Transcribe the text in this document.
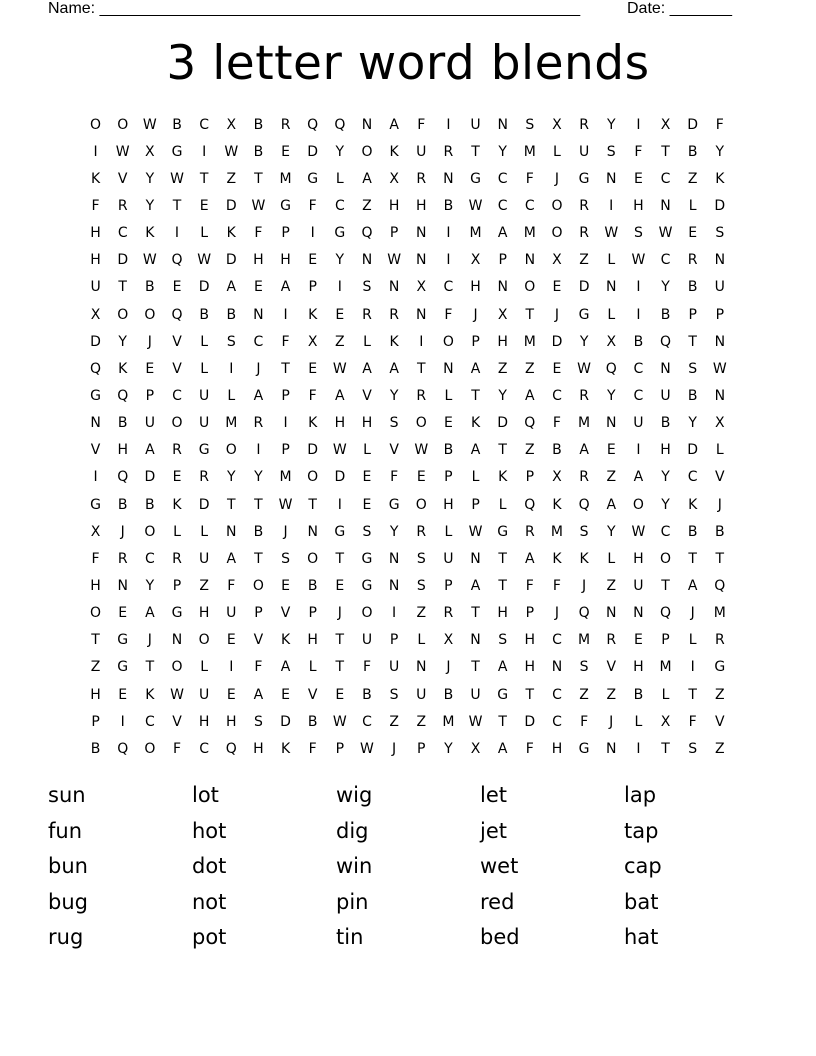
Name: ______________________________________________________	Date: _______
3 letter word blends
O	O	W	B	C	X	B	R	Q	Q	N	A	F	I	U	N	S	X	R	Y	I	X	D	F
I	W	X	G	I	W	B	E	D	Y	O	K	U	R	T	Y	M	L	U	S	F	T	B	Y
K	V	Y	W	T	Z	T	M	G	L	A	X	R	N	G	C	F	J	G	N	E	C	Z	K
F	R	Y	T	E	D	W	G	F	C	Z	H	H	B	W	C	C	O	R	I	H	N	L	D
H	C	K	I	L	K	F	P	I	G	Q	P	N	I	M	A	M	O	R	W	S	W	E	S
H	D	W	Q	W	D	H	H	E	Y	N	W	N	I	X	P	N	X	Z	L	W	C	R	N
U	T	B	E	D	A	E	A	P	I	S	N	X	C	H	N	O	E	D	N	I	Y	B	U
X	O	O	Q	B	B	N	I	K	E	R	R	N	F	J	X	T	J	G	L	I	B	P	P
D	Y	J	V	L	S	C	F	X	Z	L	K	I	O	P	H	M	D	Y	X	B	Q	T	N
Q	K	E	V	L	I	J	T	E	W	A	A	T	N	A	Z	Z	E	W	Q	C	N	S	W
G	Q	P	C	U	L	A	P	F	A	V	Y	R	L	T	Y	A	C	R	Y	C	U	B	N
N	B	U	O	U	M	R	I	K	H	H	S	O	E	K	D	Q	F	M	N	U	B	Y	X
V	H	A	R	G	O	I	P	D	W	L	V	W	B	A	T	Z	B	A	E	I	H	D	L
I	Q	D	E	R	Y	Y	M	O	D	E	F	E	P	L	K	P	X	R	Z	A	Y	C	V
G	B	B	K	D	T	T	W	T	I	E	G	O	H	P	L	Q	K	Q	A	O	Y	K	J
X	J	O	L	L	N	B	J	N	G	S	Y	R	L	W	G	R	M	S	Y	W	C	B	B
F	R	C	R	U	A	T	S	O	T	G	N	S	U	N	T	A	K	K	L	H	O	T	T
H	N	Y	P	Z	F	O	E	B	E	G	N	S	P	A	T	F	F	J	Z	U	T	A	Q
O	E	A	G	H	U	P	V	P	J	O	I	Z	R	T	H	P	J	Q	N	N	Q	J	M
T	G	J	N	O	E	V	K	H	T	U	P	L	X	N	S	H	C	M	R	E	P	L	R
Z	G	T	O	L	I	F	A	L	T	F	U	N	J	T	A	H	N	S	V	H	M	I	G
H	E	K	W	U	E	A	E	V	E	B	S	U	B	U	G	T	C	Z	Z	B	L	T	Z
P	I	C	V	H	H	S	D	B	W	C	Z	Z	M	W	T	D	C	F	J	L	X	F	V
B	Q	O	F	C	Q	H	K	F	P	W	J	P	Y	X	A	F	H	G	N	I	T	S	Z
sun	lot	wig	let	lap
fun	hot	dig	jet	tap
bun	dot	win	wet	cap
bug	not	pin	red	bat
rug	pot	tin	bed	hat
